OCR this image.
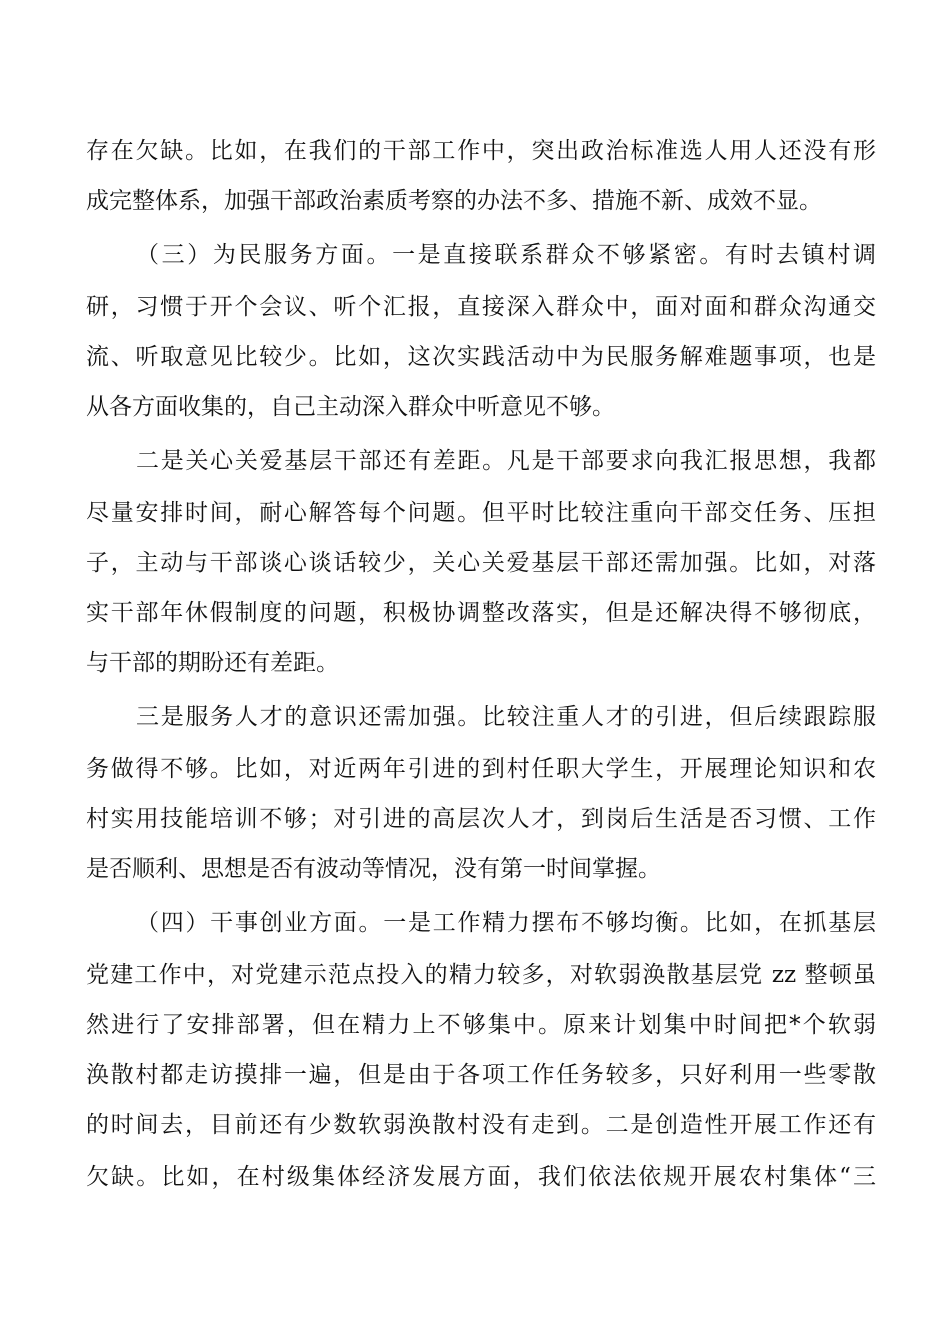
存在欠缺。比如，在我们的干部工作中，突出政治标准选人用人还没有形
成完整体系，加强干部政治素质考察的办法不多、措施不新、成效不显。
（三）为民服务方面。一是直接联系群众不够紧密。有时去镇村调
研，习惯于开个会议、听个汇报，直接深入群众中，面对面和群众沟通交
流、听取意见比较少。比如，这次实践活动中为民服务解难题事项，也是
从各方面收集的，自己主动深入群众中听意见不够。
二是关心关爱基层干部还有差距。凡是干部要求向我汇报思想，我都
尽量安排时间，耐心解答每个问题。但平时比较注重向干部交任务、压担
子，主动与干部谈心谈话较少，关心关爱基层干部还需加强。比如，对落
实干部年休假制度的问题，积极协调整改落实，但是还解决得不够彻底，
与干部的期盼还有差距。
三是服务人才的意识还需加强。比较注重人才的引进，但后续跟踪服
务做得不够。比如，对近两年引进的到村任职大学生，开展理论知识和农
村实用技能培训不够；对引进的高层次人才，到岗后生活是否习惯、工作
是否顺利、思想是否有波动等情况，没有第一时间掌握。
（四）干事创业方面。一是工作精力摆布不够均衡。比如，在抓基层
党建工作中，对党建示范点投入的精力较多，对软弱涣散基层党 zz 整顿虽
然进行了安排部署，但在精力上不够集中。原来计划集中时间把*个软弱
涣散村都走访摸排一遍，但是由于各项工作任务较多，只好利用一些零散
的时间去，目前还有少数软弱涣散村没有走到。二是创造性开展工作还有
欠缺。比如，在村级集体经济发展方面，我们依法依规开展农村集体“三
